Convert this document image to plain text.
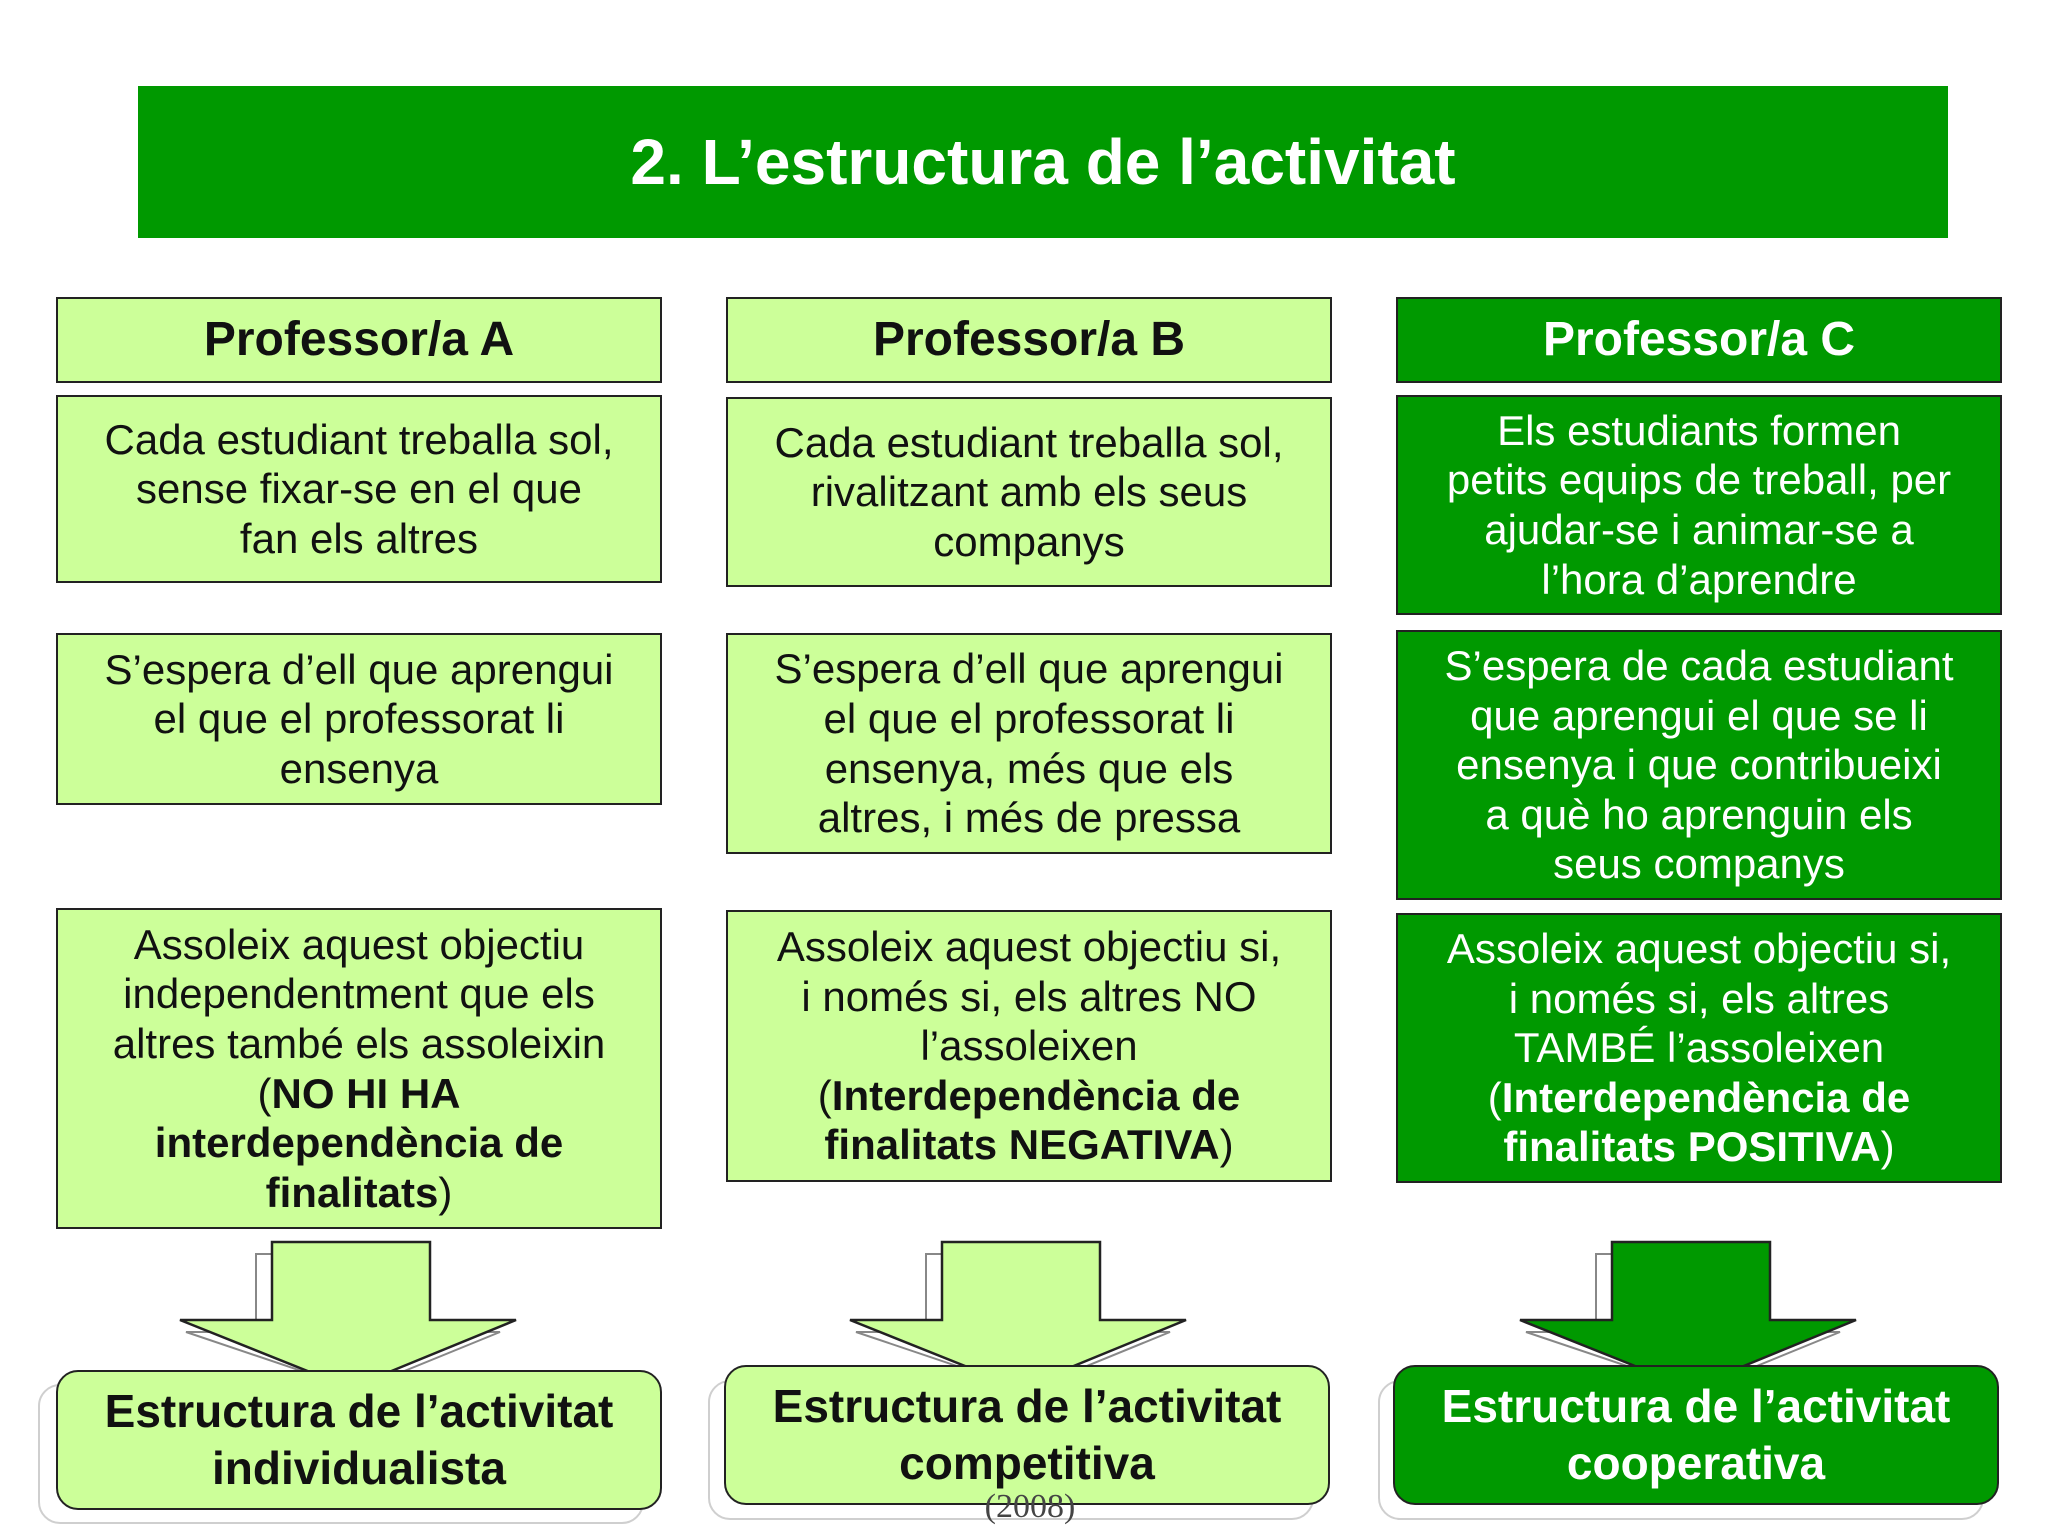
2. L’estructura de l’activitat
Professor/a A
Cada estudiant treballa sol,
sense fixar-se en el que
fan els altres
S’espera d’ell que aprengui
el que el professorat li
ensenya
Assoleix aquest objectiu
independentment que els
altres també els assoleixin
(NO HI HA
interdependència de
finalitats)
Professor/a B
Cada estudiant treballa sol,
rivalitzant amb els seus
companys
S’espera d’ell que aprengui
el que el professorat li
ensenya, més que els
altres, i més de pressa
Assoleix aquest objectiu si,
i només si, els altres NO
l’assoleixen
(Interdependència de
finalitats NEGATIVA)
Professor/a C
Els estudiants formen
petits equips de treball, per
ajudar-se i animar-se a
l’hora d’aprendre
S’espera de cada estudiant
que aprengui el que se li
ensenya i que contribueixi
a què ho aprenguin els
seus companys
Assoleix aquest objectiu si,
i només si, els altres
TAMBÉ l’assoleixen
(Interdependència de
finalitats POSITIVA)
Estructura de l’activitat
individualista
Estructura de l’activitat
competitiva
Estructura de l’activitat
cooperativa
(2008)
